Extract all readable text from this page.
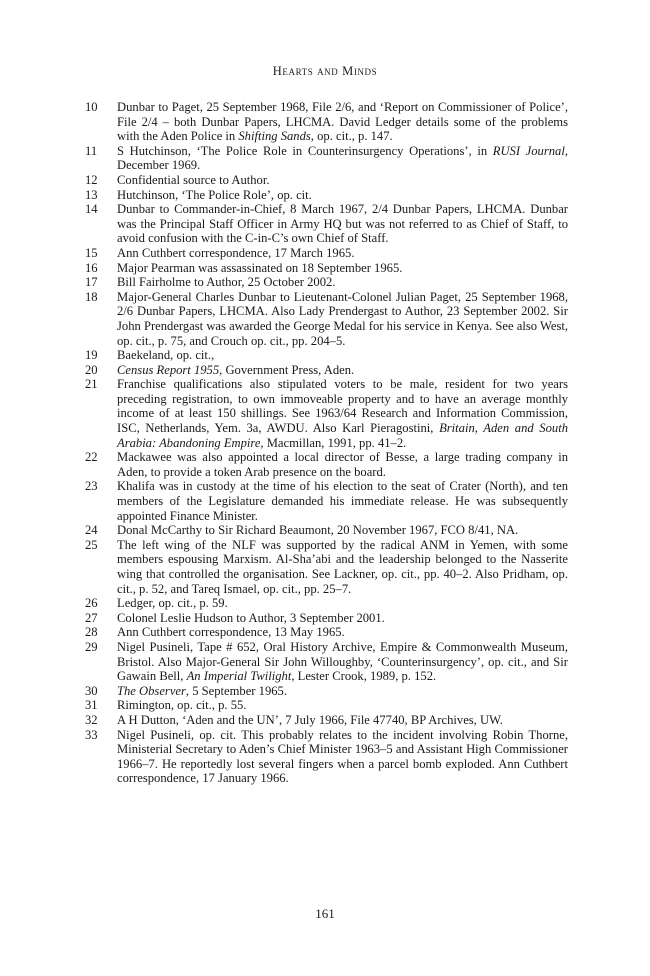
Hearts and Minds
10	Dunbar to Paget, 25 September 1968, File 2/6, and ‘Report on Commissioner of Police’, File 2/4 – both Dunbar Papers, LHCMA. David Ledger details some of the problems with the Aden Police in Shifting Sands, op. cit., p. 147.
11	S Hutchinson, ‘The Police Role in Counterinsurgency Operations’, in RUSI Journal, December 1969.
12	Confidential source to Author.
13	Hutchinson, ‘The Police Role’, op. cit.
14	Dunbar to Commander-in-Chief, 8 March 1967, 2/4 Dunbar Papers, LHCMA. Dunbar was the Principal Staff Officer in Army HQ but was not referred to as Chief of Staff, to avoid confusion with the C-in-C’s own Chief of Staff.
15	Ann Cuthbert correspondence, 17 March 1965.
16	Major Pearman was assassinated on 18 September 1965.
17	Bill Fairholme to Author, 25 October 2002.
18	Major-General Charles Dunbar to Lieutenant-Colonel Julian Paget, 25 September 1968, 2/6 Dunbar Papers, LHCMA. Also Lady Prendergast to Author, 23 September 2002. Sir John Prendergast was awarded the George Medal for his service in Kenya. See also West, op. cit., p. 75, and Crouch op. cit., pp. 204–5.
19	Baekeland, op. cit.,
20	Census Report 1955, Government Press, Aden.
21	Franchise qualifications also stipulated voters to be male, resident for two years preceding registration, to own immoveable property and to have an average monthly income of at least 150 shillings. See 1963/64 Research and Information Commission, ISC, Netherlands, Yem. 3a, AWDU. Also Karl Pieragostini, Britain, Aden and South Arabia: Abandoning Empire, Macmillan, 1991, pp. 41–2.
22	Mackawee was also appointed a local director of Besse, a large trading company in Aden, to provide a token Arab presence on the board.
23	Khalifa was in custody at the time of his election to the seat of Crater (North), and ten members of the Legislature demanded his immediate release. He was subsequently appointed Finance Minister.
24	Donal McCarthy to Sir Richard Beaumont, 20 November 1967, FCO 8/41, NA.
25	The left wing of the NLF was supported by the radical ANM in Yemen, with some members espousing Marxism. Al-Sha’abi and the leadership belonged to the Nasserite wing that controlled the organisation. See Lackner, op. cit., pp. 40–2. Also Pridham, op. cit., p. 52, and Tareq Ismael, op. cit., pp. 25–7.
26	Ledger, op. cit., p. 59.
27	Colonel Leslie Hudson to Author, 3 September 2001.
28	Ann Cuthbert correspondence, 13 May 1965.
29	Nigel Pusineli, Tape # 652, Oral History Archive, Empire & Commonwealth Museum, Bristol. Also Major-General Sir John Willoughby, ‘Counterinsurgency’, op. cit., and Sir Gawain Bell, An Imperial Twilight, Lester Crook, 1989, p. 152.
30	The Observer, 5 September 1965.
31	Rimington, op. cit., p. 55.
32	A H Dutton, ‘Aden and the UN’, 7 July 1966, File 47740, BP Archives, UW.
33	Nigel Pusineli, op. cit. This probably relates to the incident involving Robin Thorne, Ministerial Secretary to Aden’s Chief Minister 1963–5 and Assistant High Commissioner 1966–7. He reportedly lost several fingers when a parcel bomb exploded. Ann Cuthbert correspondence, 17 January 1966.
161
